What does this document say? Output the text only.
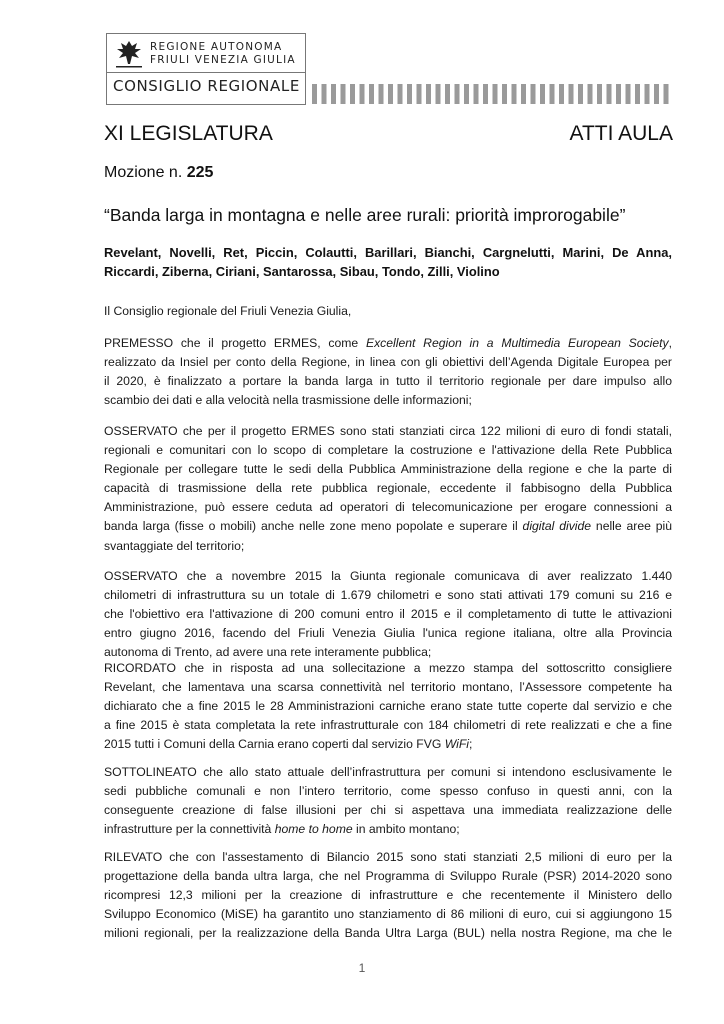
REGIONE AUTONOMA
FRIULI VENEZIA GIULIA
CONSIGLIO REGIONALE
XI LEGISLATURA	ATTI AULA
Mozione n. 225
“Banda larga in montagna e nelle aree rurali: priorità improrogabile”
Revelant, Novelli, Ret, Piccin, Colautti, Barillari, Bianchi, Cargnelutti, Marini, De Anna,
Riccardi, Ziberna, Ciriani, Santarossa, Sibau, Tondo, Zilli, Violino

Il Consiglio regionale del Friuli Venezia Giulia,

PREMESSO che il progetto ERMES, come Excellent Region in a Multimedia European Society,
realizzato da Insiel per conto della Regione, in linea con gli obiettivi dell’Agenda Digitale Europea per
il 2020, è finalizzato a portare la banda larga in tutto il territorio regionale per dare impulso allo
scambio dei dati e alla velocità nella trasmissione delle informazioni;

OSSERVATO che per il progetto ERMES sono stati stanziati circa 122 milioni di euro di fondi statali,
regionali e comunitari con lo scopo di completare la costruzione e l'attivazione della Rete Pubblica
Regionale per collegare tutte le sedi della Pubblica Amministrazione della regione e che la parte di
capacità di trasmissione della rete pubblica regionale, eccedente il fabbisogno della Pubblica
Amministrazione, può essere ceduta ad operatori di telecomunicazione per erogare connessioni a
banda larga (fisse o mobili) anche nelle zone meno popolate e superare il digital divide nelle aree più
svantaggiate del territorio;

OSSERVATO che a novembre 2015 la Giunta regionale comunicava di aver realizzato 1.440
chilometri di infrastruttura su un totale di 1.679 chilometri e sono stati attivati 179 comuni su 216 e
che l'obiettivo era l'attivazione di 200 comuni entro il 2015 e il completamento di tutte le attivazioni
entro giugno 2016, facendo del Friuli Venezia Giulia l'unica regione italiana, oltre alla Provincia
autonoma di Trento, ad avere una rete interamente pubblica;

RICORDATO che in risposta ad una sollecitazione a mezzo stampa del sottoscritto consigliere
Revelant, che lamentava una scarsa connettività nel territorio montano, l’Assessore competente ha
dichiarato che a fine 2015 le 28 Amministrazioni carniche erano state tutte coperte dal servizio e che
a fine 2015 è stata completata la rete infrastrutturale con 184 chilometri di rete realizzati e che a fine
2015 tutti i Comuni della Carnia erano coperti dal servizio FVG WiFi;

SOTTOLINEATO che allo stato attuale dell’infrastruttura per comuni si intendono esclusivamente le
sedi pubbliche comunali e non l’intero territorio, come spesso confuso in questi anni, con la
conseguente creazione di false illusioni per chi si aspettava una immediata realizzazione delle
infrastrutture per la connettività home to home in ambito montano;

RILEVATO che con l'assestamento di Bilancio 2015 sono stati stanziati 2,5 milioni di euro per la
progettazione della banda ultra larga, che nel Programma di Sviluppo Rurale (PSR) 2014-2020 sono
ricompresi 12,3 milioni per la creazione di infrastrutture e che recentemente il Ministero dello
Sviluppo Economico (MiSE) ha garantito uno stanziamento di 86 milioni di euro, cui si aggiungono 15
milioni regionali, per la realizzazione della Banda Ultra Larga (BUL) nella nostra Regione, ma che le

1
